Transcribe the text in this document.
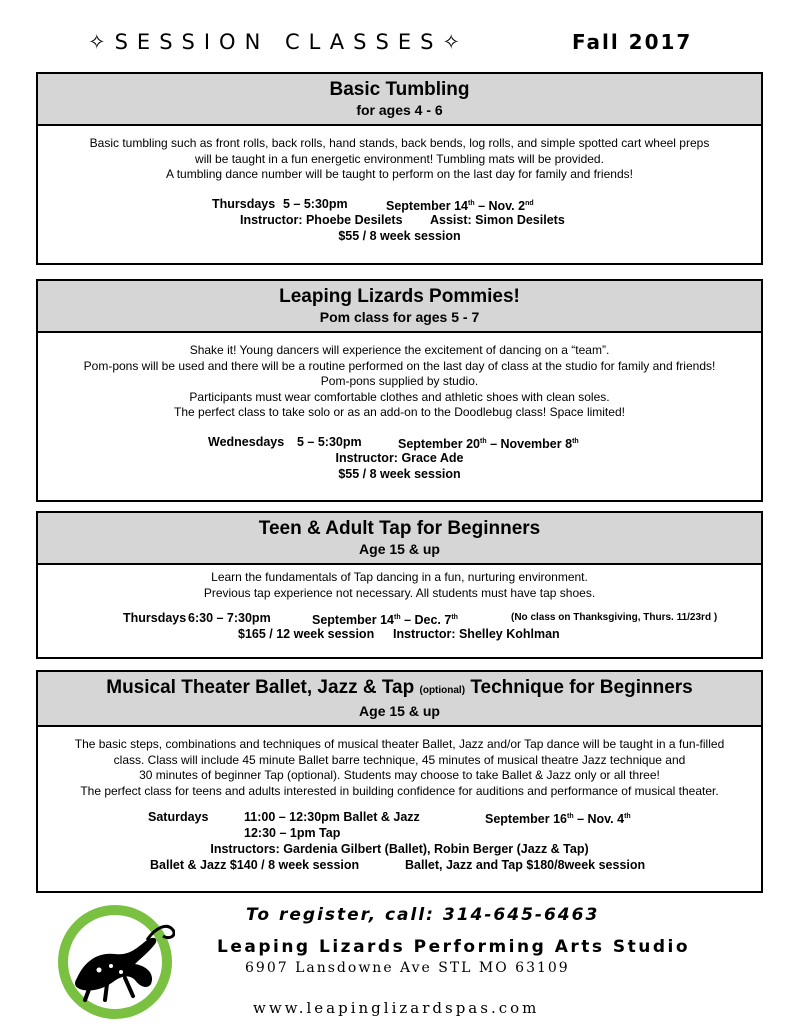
✧SESSION CLASSES✧	Fall 2017
Basic Tumbling
for ages 4 - 6
Basic tumbling such as front rolls, back rolls, hand stands, back bends, log rolls, and simple spotted cart wheel preps
will be taught in a fun energetic environment! Tumbling mats will be provided.
A tumbling dance number will be taught to perform on the last day for family and friends!
Thursdays 5 – 5:30pm	September 14th – Nov. 2nd
Instructor: Phoebe Desilets Assist: Simon Desilets
$55 / 8 week session
Leaping Lizards Pommies!
Pom class for ages 5 - 7
Shake it! Young dancers will experience the excitement of dancing on a “team”.
Pom-pons will be used and there will be a routine performed on the last day of class at the studio for family and friends!
Pom-pons supplied by studio.
Participants must wear comfortable clothes and athletic shoes with clean soles.
The perfect class to take solo or as an add-on to the Doodlebug class! Space limited!
Wednesdays 5 – 5:30pm	September 20th – November 8th
Instructor: Grace Ade
$55 / 8 week session
Teen & Adult Tap for Beginners
Age 15 & up
Learn the fundamentals of Tap dancing in a fun, nurturing environment.
Previous tap experience not necessary. All students must have tap shoes.
Thursdays 6:30 – 7:30pm	September 14th – Dec. 7th	(No class on Thanksgiving, Thurs. 11/23rd )
$165 / 12 week session Instructor: Shelley Kohlman
Musical Theater Ballet, Jazz & Tap (optional) Technique for Beginners
Age 15 & up
The basic steps, combinations and techniques of musical theater Ballet, Jazz and/or Tap dance will be taught in a fun-filled
class. Class will include 45 minute Ballet barre technique, 45 minutes of musical theatre Jazz technique and
30 minutes of beginner Tap (optional). Students may choose to take Ballet & Jazz only or all three!
The perfect class for teens and adults interested in building confidence for auditions and performance of musical theater.
Saturdays	11:00 – 12:30pm Ballet & Jazz	September 16th – Nov. 4th
12:30 – 1pm Tap
Instructors: Gardenia Gilbert (Ballet), Robin Berger (Jazz & Tap)
Ballet & Jazz $140 / 8 week session	Ballet, Jazz and Tap $180/8week session
To register, call: 314-645-6463
Leaping Lizards Performing Arts Studio
6907 Lansdowne Ave STL MO 63109
www.leapinglizardspas.com
